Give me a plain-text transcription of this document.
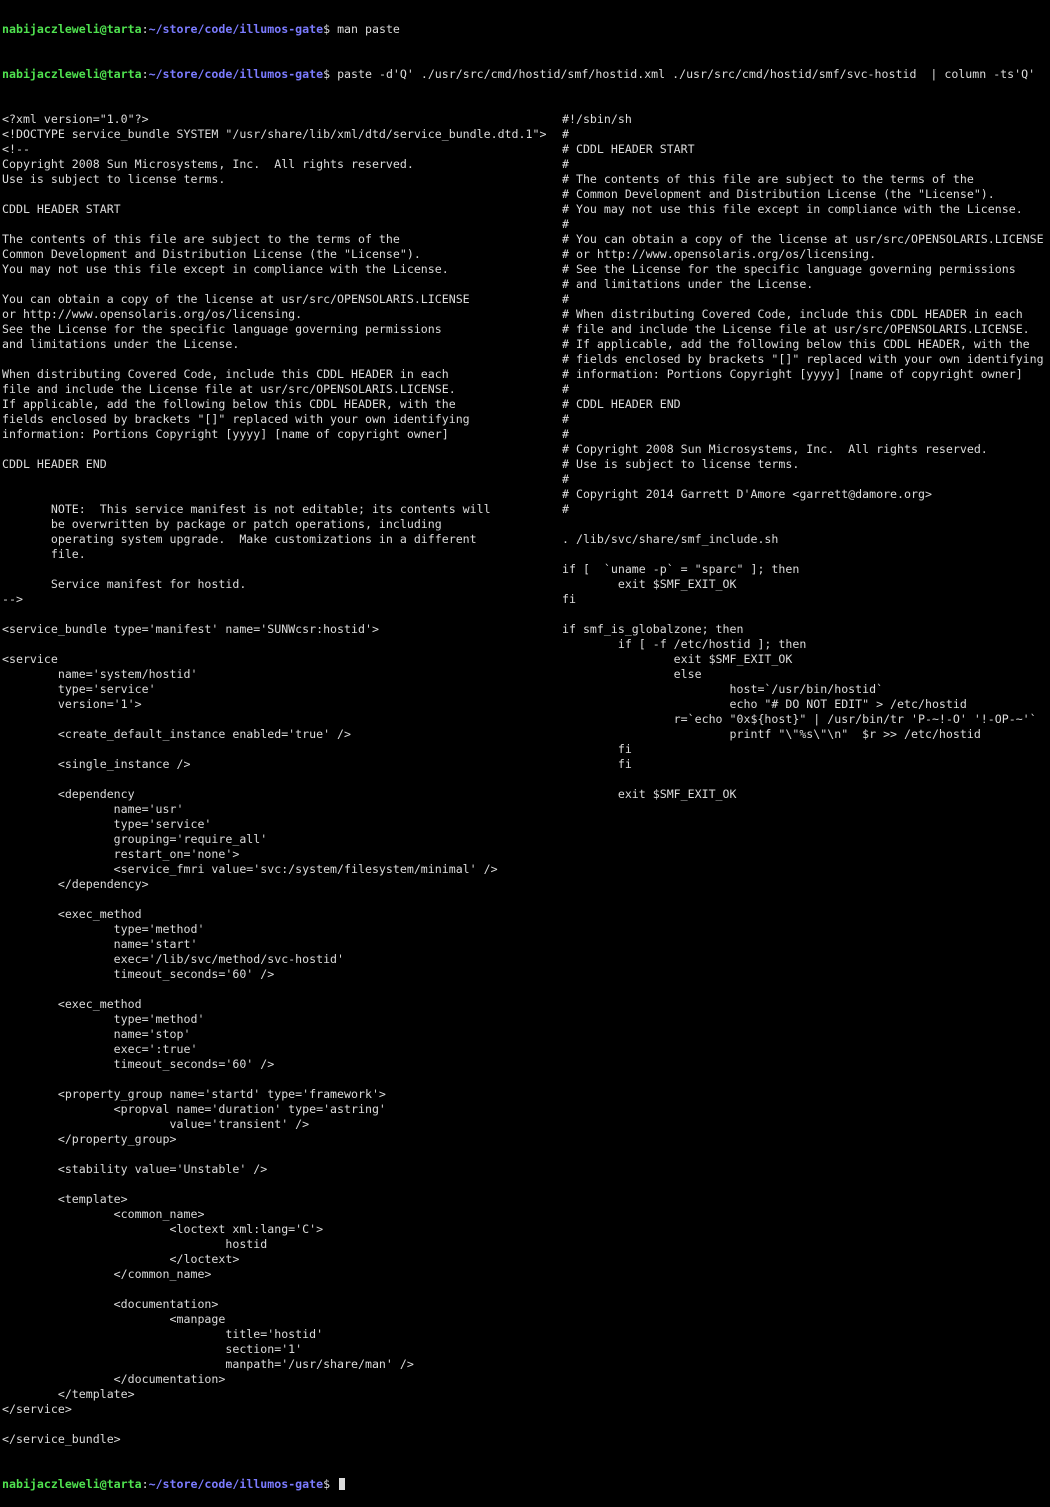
nabijaczleweli@tarta:~/store/code/illumos-gate$ man paste

nabijaczleweli@tarta:~/store/code/illumos-gate$ paste -d'Q' ./usr/src/cmd/hostid/smf/hostid.xml ./usr/src/cmd/hostid/smf/svc-hostid  | column -ts'Q'

<?xml version="1.0"?>
<!DOCTYPE service_bundle SYSTEM "/usr/share/lib/xml/dtd/service_bundle.dtd.1">
<!--
Copyright 2008 Sun Microsystems, Inc.  All rights reserved.
Use is subject to license terms.
CDDL HEADER START
The contents of this file are subject to the terms of the
Common Development and Distribution License (the "License").
You may not use this file except in compliance with the License.
You can obtain a copy of the license at usr/src/OPENSOLARIS.LICENSE
or http://www.opensolaris.org/os/licensing.
See the License for the specific language governing permissions
and limitations under the License.
When distributing Covered Code, include this CDDL HEADER in each
file and include the License file at usr/src/OPENSOLARIS.LICENSE.
If applicable, add the following below this CDDL HEADER, with the
fields enclosed by brackets "[]" replaced with your own identifying
information: Portions Copyright [yyyy] [name of copyright owner]
CDDL HEADER END
NOTE:  This service manifest is not editable; its contents will
be overwritten by package or patch operations, including
operating system upgrade.  Make customizations in a different
file.
Service manifest for hostid.
-->
<service_bundle type='manifest' name='SUNWcsr:hostid'>
<service
name='system/hostid'
type='service'
version='1'>
<create_default_instance enabled='true' />
<single_instance />
<dependency
name='usr'
type='service'
grouping='require_all'
restart_on='none'>
<service_fmri value='svc:/system/filesystem/minimal' />
</dependency>
<exec_method
type='method'
name='start'
exec='/lib/svc/method/svc-hostid'
timeout_seconds='60' />
<exec_method
type='method'
name='stop'
exec=':true'
timeout_seconds='60' />
<property_group name='startd' type='framework'>
<propval name='duration' type='astring'
value='transient' />
</property_group>
<stability value='Unstable' />
<template>
<common_name>
<loctext xml:lang='C'>
hostid
</loctext>
</common_name>
<documentation>
<manpage
title='hostid'
section='1'
manpath='/usr/share/man' />
</documentation>
</template>
</service>
</service_bundle>
#!/sbin/sh
#
# CDDL HEADER START
#
# The contents of this file are subject to the terms of the
# Common Development and Distribution License (the "License").
# You may not use this file except in compliance with the License.
#
# You can obtain a copy of the license at usr/src/OPENSOLARIS.LICENSE
# or http://www.opensolaris.org/os/licensing.
# See the License for the specific language governing permissions
# and limitations under the License.
#
# When distributing Covered Code, include this CDDL HEADER in each
# file and include the License file at usr/src/OPENSOLARIS.LICENSE.
# If applicable, add the following below this CDDL HEADER, with the
# fields enclosed by brackets "[]" replaced with your own identifying
# information: Portions Copyright [yyyy] [name of copyright owner]
#
# CDDL HEADER END
#
#
# Copyright 2008 Sun Microsystems, Inc.  All rights reserved.
# Use is subject to license terms.
#
# Copyright 2014 Garrett D'Amore <garrett@damore.org>
#
. /lib/svc/share/smf_include.sh
if [  `uname -p` = "sparc" ]; then
exit $SMF_EXIT_OK
fi
if smf_is_globalzone; then
if [ -f /etc/hostid ]; then
exit $SMF_EXIT_OK
else
host=`/usr/bin/hostid`
echo "# DO NOT EDIT" > /etc/hostid
r=`echo "0x${host}" | /usr/bin/tr 'P-~!-O' '!-OP-~'`
printf "\"%s\"\n"  $r >> /etc/hostid
fi
fi
exit $SMF_EXIT_OK

nabijaczleweli@tarta:~/store/code/illumos-gate$
